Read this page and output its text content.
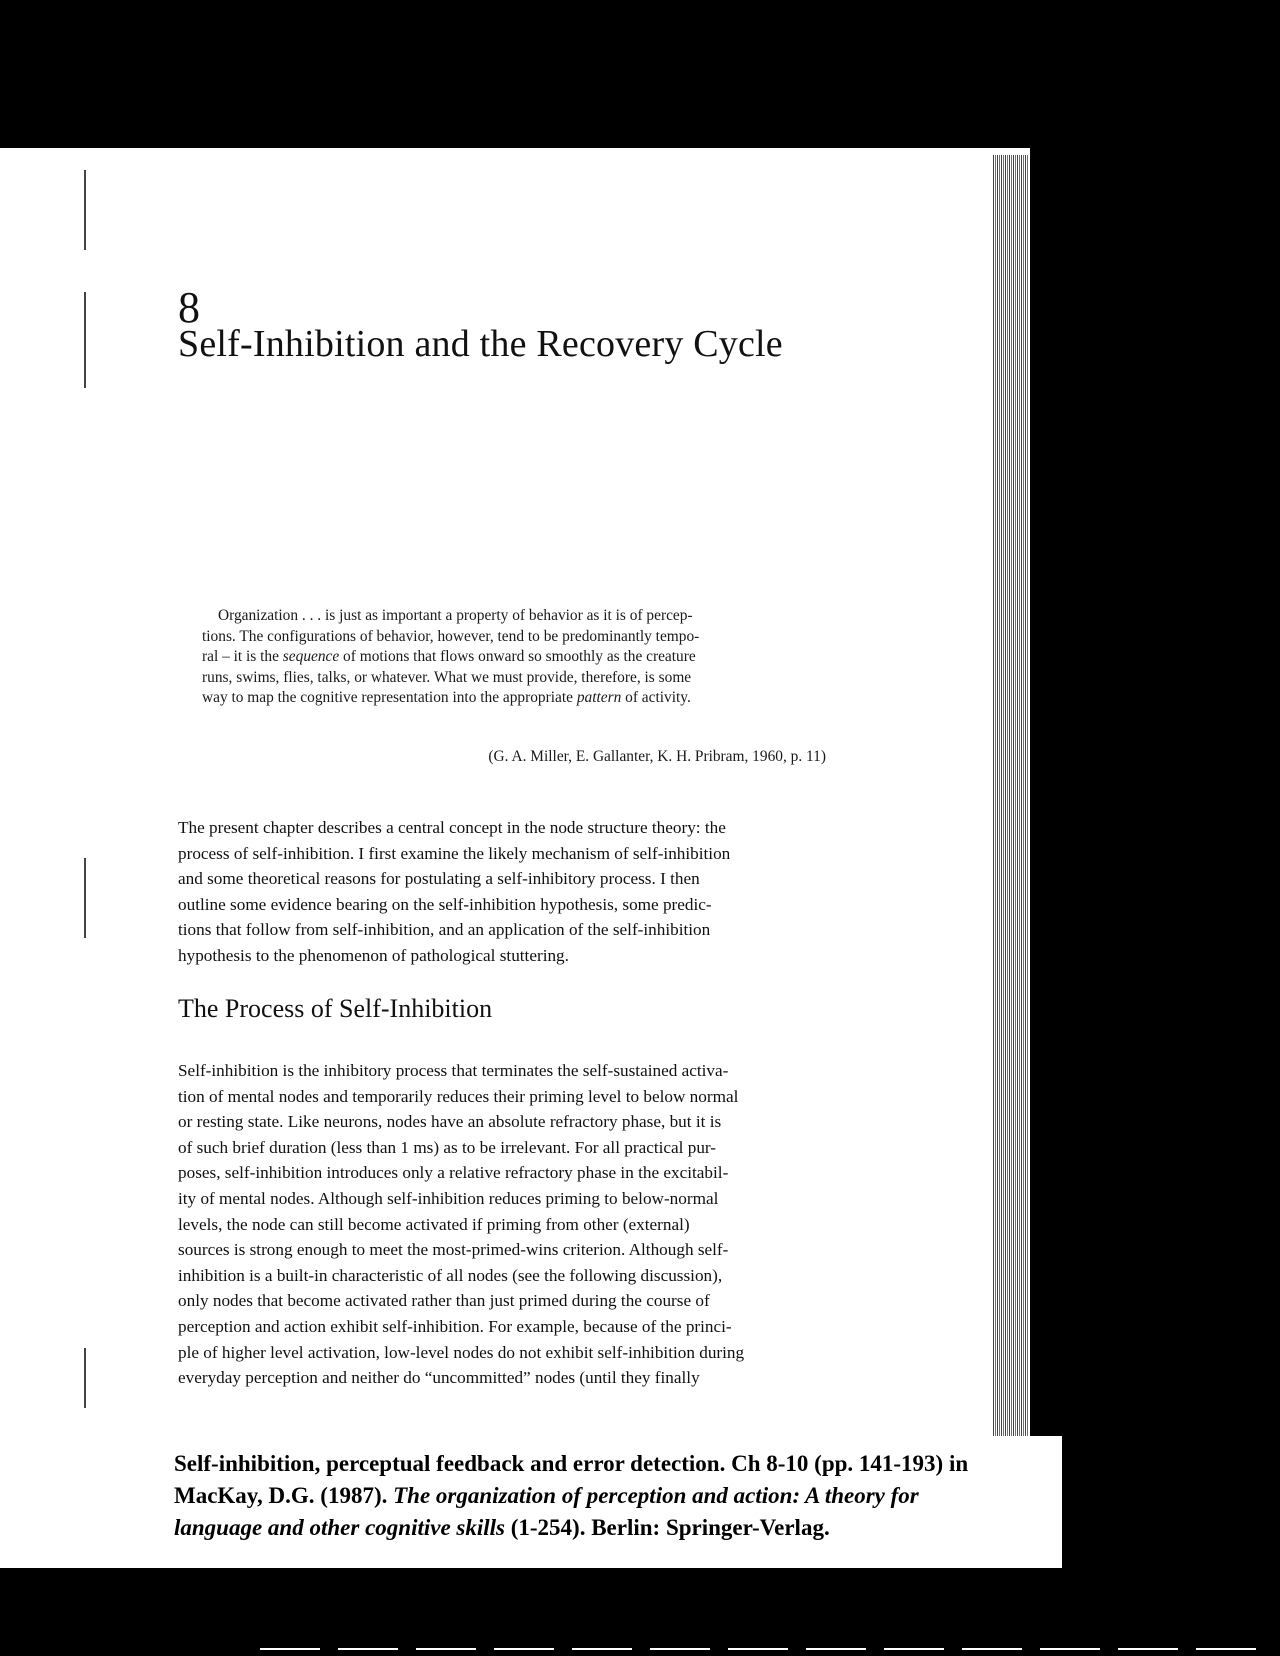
8
Self-Inhibition and the Recovery Cycle
Organization . . . is just as important a property of behavior as it is of percep-
tions. The configurations of behavior, however, tend to be predominantly tempo-
ral – it is the sequence of motions that flows onward so smoothly as the creature
runs, swims, flies, talks, or whatever. What we must provide, therefore, is some
way to map the cognitive representation into the appropriate pattern of activity.
(G. A. Miller, E. Gallanter, K. H. Pribram, 1960, p. 11)
The present chapter describes a central concept in the node structure theory: the
process of self-inhibition. I first examine the likely mechanism of self-inhibition
and some theoretical reasons for postulating a self-inhibitory process. I then
outline some evidence bearing on the self-inhibition hypothesis, some predic-
tions that follow from self-inhibition, and an application of the self-inhibition
hypothesis to the phenomenon of pathological stuttering.
The Process of Self-Inhibition
Self-inhibition is the inhibitory process that terminates the self-sustained activa-
tion of mental nodes and temporarily reduces their priming level to below normal
or resting state. Like neurons, nodes have an absolute refractory phase, but it is
of such brief duration (less than 1 ms) as to be irrelevant. For all practical pur-
poses, self-inhibition introduces only a relative refractory phase in the excitabil-
ity of mental nodes. Although self-inhibition reduces priming to below-normal
levels, the node can still become activated if priming from other (external)
sources is strong enough to meet the most-primed-wins criterion. Although self-
inhibition is a built-in characteristic of all nodes (see the following discussion),
only nodes that become activated rather than just primed during the course of
perception and action exhibit self-inhibition. For example, because of the princi-
ple of higher level activation, low-level nodes do not exhibit self-inhibition during
everyday perception and neither do “uncommitted” nodes (until they finally
Self-inhibition, perceptual feedback and error detection. Ch 8-10 (pp. 141-193) in
MacKay, D.G. (1987). The organization of perception and action: A theory for
language and other cognitive skills (1-254). Berlin: Springer-Verlag.
